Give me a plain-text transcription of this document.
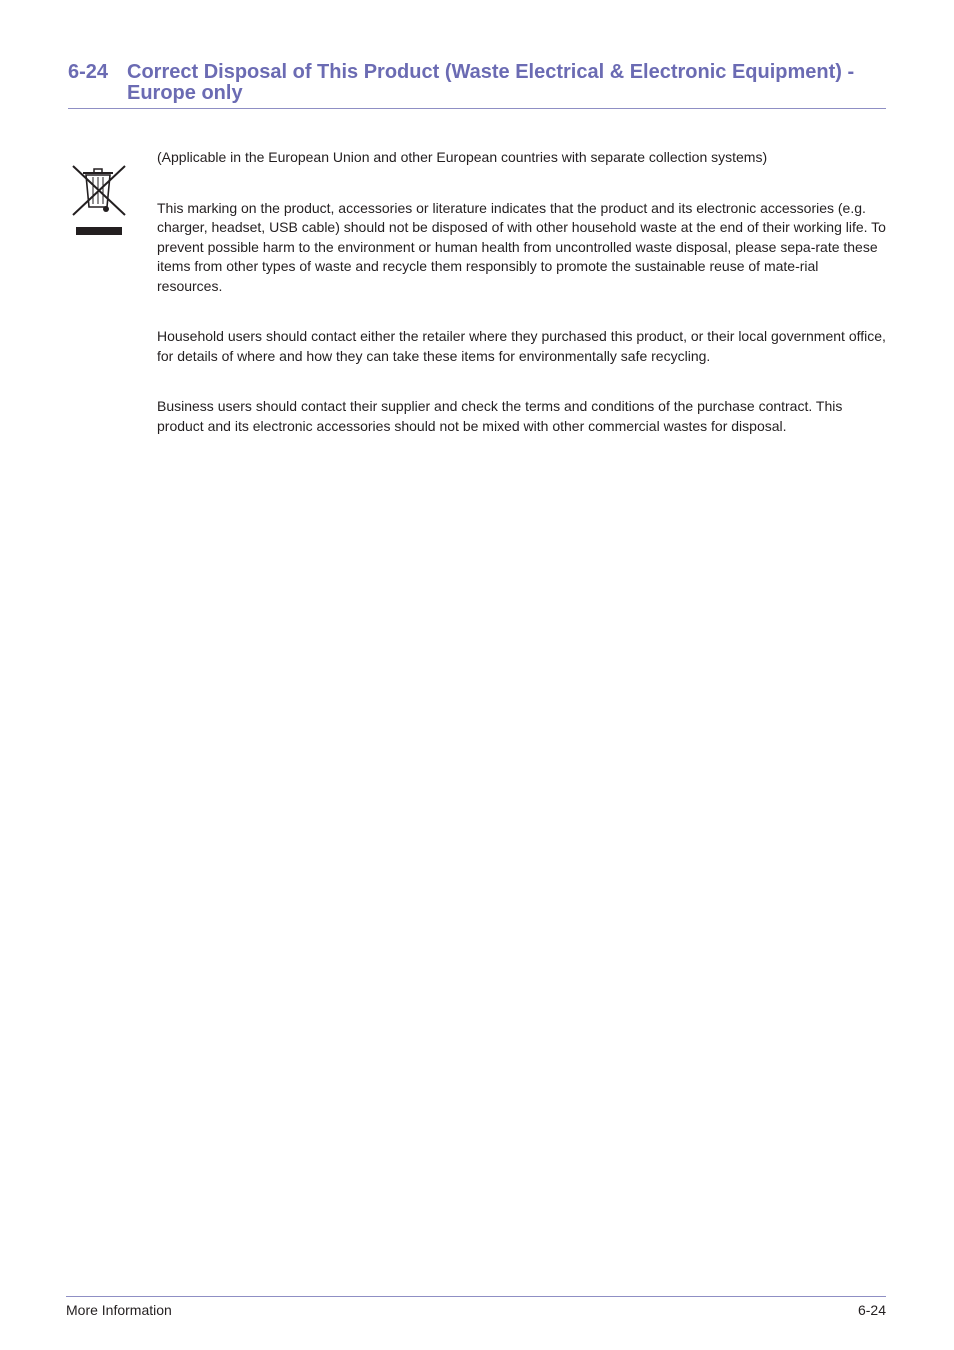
6-24 Correct Disposal of This Product (Waste Electrical & Electronic Equipment) - Europe only

(Applicable in the European Union and other European countries with separate collection systems)

This marking on the product, accessories or literature indicates that the product and its electronic accessories (e.g. charger, headset, USB cable) should not be disposed of with other household waste at the end of their working life. To prevent possible harm to the environment or human health from uncontrolled waste disposal, please sepa-rate these items from other types of waste and recycle them responsibly to promote the sustainable reuse of mate-rial resources.

Household users should contact either the retailer where they purchased this product, or their local government office, for details of where and how they can take these items for environmentally safe recycling.

Business users should contact their supplier and check the terms and conditions of the purchase contract. This product and its electronic accessories should not be mixed with other commercial wastes for disposal.

More Information	6-24
